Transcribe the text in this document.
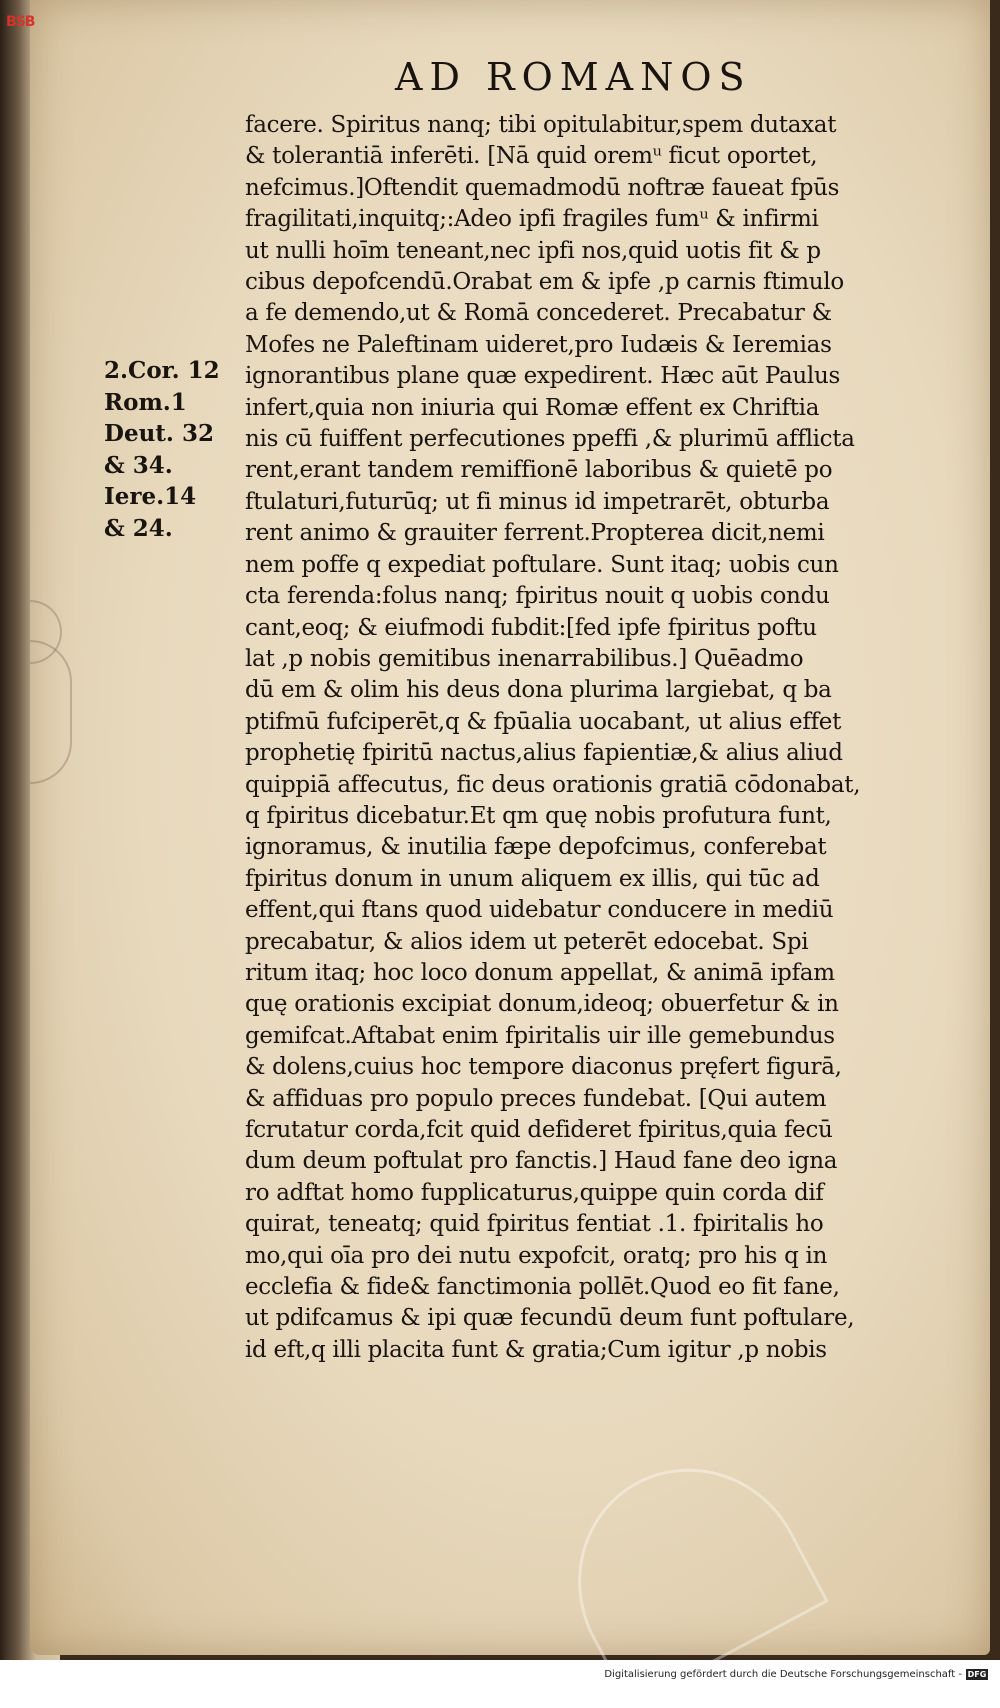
BSB
AD ROMANOS
2.Cor. 12
Rom.1
Deut. 32
& 34.
Iere.14
& 24.
facere. Spiritus nanq; tibi opitulabitur,spem dutaxat
& tolerantiā inferēti. [Nā quid oremᵘ ficut oportet,
nefcimus.]Oftendit quemadmodū noftræ faueat fpūs
fragilitati,inquitq;:Adeo ipfi fragiles fumᵘ & infirmi
ut nulli hoīm teneant,nec ipfi nos,quid uotis fit & p
cibus depofcendū.Orabat em & ipfe ,p carnis ftimulo
a fe demendo,ut & Romā concederet. Precabatur &
Mofes ne Paleftinam uideret,pro Iudæis & Ieremias
ignorantibus plane quæ expedirent. Hæc aūt Paulus
infert,quia non iniuria qui Romæ effent ex Chriftia
nis cū fuiffent perfecutiones ppeffi ,& plurimū afflicta
rent,erant tandem remiffionē laboribus & quietē po
ftulaturi,futurūq; ut fi minus id impetrarēt, obturba
rent animo & grauiter ferrent.Propterea dicit,nemi
nem poffe q expediat poftulare. Sunt itaq; uobis cun
cta ferenda:folus nanq; fpiritus nouit q uobis condu
cant,eoq; & eiufmodi fubdit:[fed ipfe fpiritus poftu
lat ,p nobis gemitibus inenarrabilibus.] Quēadmo
dū em & olim his deus dona plurima largiebat, q ba
ptifmū fufciperēt,q & fpūalia uocabant, ut alius effet
prophetię fpiritū nactus,alius fapientiæ,& alius aliud
quippiā affecutus, fic deus orationis gratiā cōdonabat,
q fpiritus dicebatur.Et qm quę nobis profutura funt,
ignoramus, & inutilia fæpe depofcimus, conferebat
fpiritus donum in unum aliquem ex illis, qui tūc ad
effent,qui ftans quod uidebatur conducere in mediū
precabatur, & alios idem ut peterēt edocebat. Spi
ritum itaq; hoc loco donum appellat, & animā ipfam
quę orationis excipiat donum,ideoq; obuerfetur & in
gemifcat.Aftabat enim fpiritalis uir ille gemebundus
& dolens,cuius hoc tempore diaconus pręfert figurā,
& affiduas pro populo preces fundebat. [Qui autem
fcrutatur corda,fcit quid defideret fpiritus,quia fecū
dum deum poftulat pro fanctis.] Haud fane deo igna
ro adftat homo fupplicaturus,quippe quin corda dif
quirat, teneatq; quid fpiritus fentiat .1. fpiritalis ho
mo,qui oīa pro dei nutu expofcit, oratq; pro his q in
ecclefia & fide& fanctimonia pollēt.Quod eo fit fane,
ut pdifcamus & ipi quæ fecundū deum funt poftulare,
id eft,q illi placita funt & gratia;Cum igitur ,p nobis
Digitalisierung gefördert durch die Deutsche Forschungsgemeinschaft - DFG
